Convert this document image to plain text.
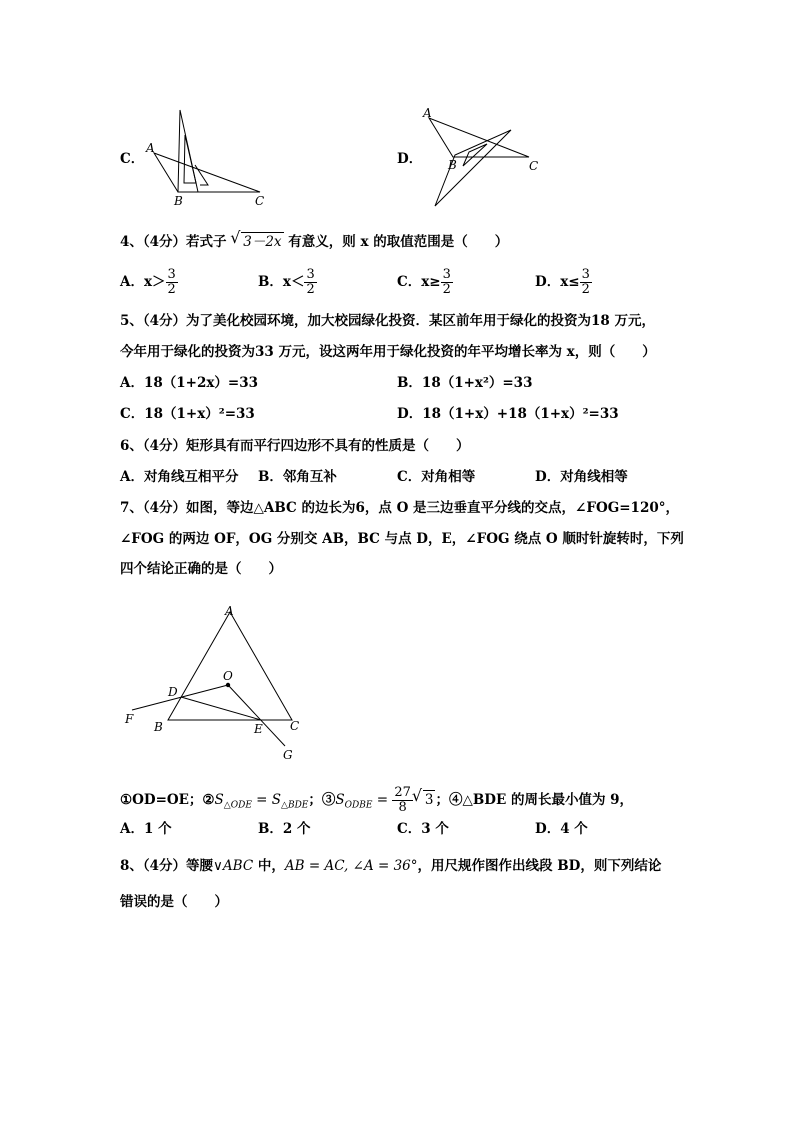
C．
A
B	C
D．
A
B	C
4、（4分）若式子 √ 3－2x 有意义，则 x 的取值范围是（　　）
A．$x> \frac{3}{2}$	B．$x< \frac{3}{2}$	C．$x\ge \frac{3}{2}$	D．$x\le \frac{3}{2}$
5、（4分）为了美化校园环境，加大校园绿化投资．某区前年用于绿化的投资为18 万元，
今年用于绿化的投资为33 万元，设这两年用于绿化投资的年平均增长率为 x，则（　　）
A．18（1+2x）=33	B．18（1+x²）=33
C．18（1+x）²=33	D．18（1+x）+18（1+x）²=33
6、（4分）矩形具有而平行四边形不具有的性质是（　　）
A．对角线互相平分 B．邻角互补	C．对角相等	D．对角线相等
7、（4分）如图，等边△ABC 的边长为6，点 O 是三边垂直平分线的交点，∠FOG=120°，
∠FOG 的两边 OF，OG 分别交 AB，BC 与点 D，E，∠FOG 绕点 O 顺时针旋转时，下列
四个结论正确的是（　　）
A
B	C
D
E
F
G
O
①OD=OE；$②S_{\triangle ODE} = S_{\triangle BDE}$；$③S_{ODBE} = \frac{27}{8}$ √ 3 ；④△BDE 的周长最小值为 9，
A．1 个	B．2 个	C．3 个	D．4 个
8、（4分）等腰∨ABC 中，AB = AC, ∠A = 36°，用尺规作图作出线段 BD，则下列结论
错误的是（　　）
